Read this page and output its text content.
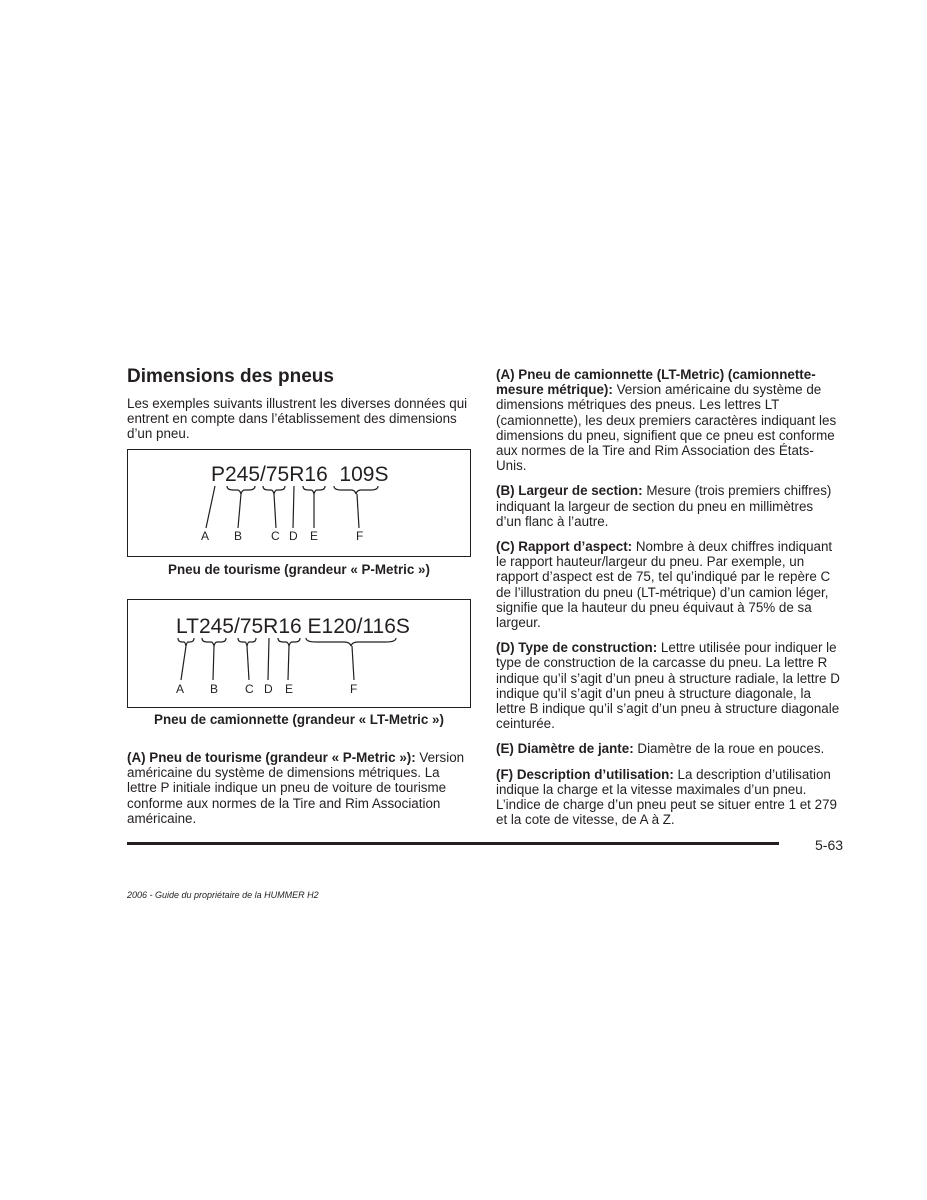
Dimensions des pneus

Les exemples suivants illustrent les diverses données qui entrent en compte dans l’établissement des dimensions d’un pneu.

P245/75R16  109S
A B C D E	F
Pneu de tourisme (grandeur « P-Metric »)
LT245/75R16 E120/116S
A B C D E	F
Pneu de camionnette (grandeur « LT-Metric »)

(A) Pneu de tourisme (grandeur « P-Metric »): Version américaine du système de dimensions métriques. La lettre P initiale indique un pneu de voiture de tourisme conforme aux normes de la Tire and Rim Association américaine.

(A) Pneu de camionnette (LT-Metric) (camionnette-mesure métrique): Version américaine du système de dimensions métriques des pneus. Les lettres LT (camionnette), les deux premiers caractères indiquant les dimensions du pneu, signifient que ce pneu est conforme aux normes de la Tire and Rim Association des États-Unis.

(B) Largeur de section: Mesure (trois premiers chiffres) indiquant la largeur de section du pneu en millimètres d’un flanc à l’autre.

(C) Rapport d’aspect: Nombre à deux chiffres indiquant le rapport hauteur/largeur du pneu. Par exemple, un rapport d’aspect est de 75, tel qu’indiqué par le repère C de l’illustration du pneu (LT-métrique) d’un camion léger, signifie que la hauteur du pneu équivaut à 75% de sa largeur.

(D) Type de construction: Lettre utilisée pour indiquer le type de construction de la carcasse du pneu. La lettre R indique qu’il s’agit d’un pneu à structure radiale, la lettre D indique qu’il s’agit d’un pneu à structure diagonale, la lettre B indique qu’il s’agit d’un pneu à structure diagonale ceinturée.

(E) Diamètre de jante: Diamètre de la roue en pouces.

(F) Description d’utilisation: La description d’utilisation indique la charge et la vitesse maximales d’un pneu. L’indice de charge d’un pneu peut se situer entre 1 et 279 et la cote de vitesse, de A à Z.

5-63
2006 - Guide du propriétaire de la HUMMER H2
